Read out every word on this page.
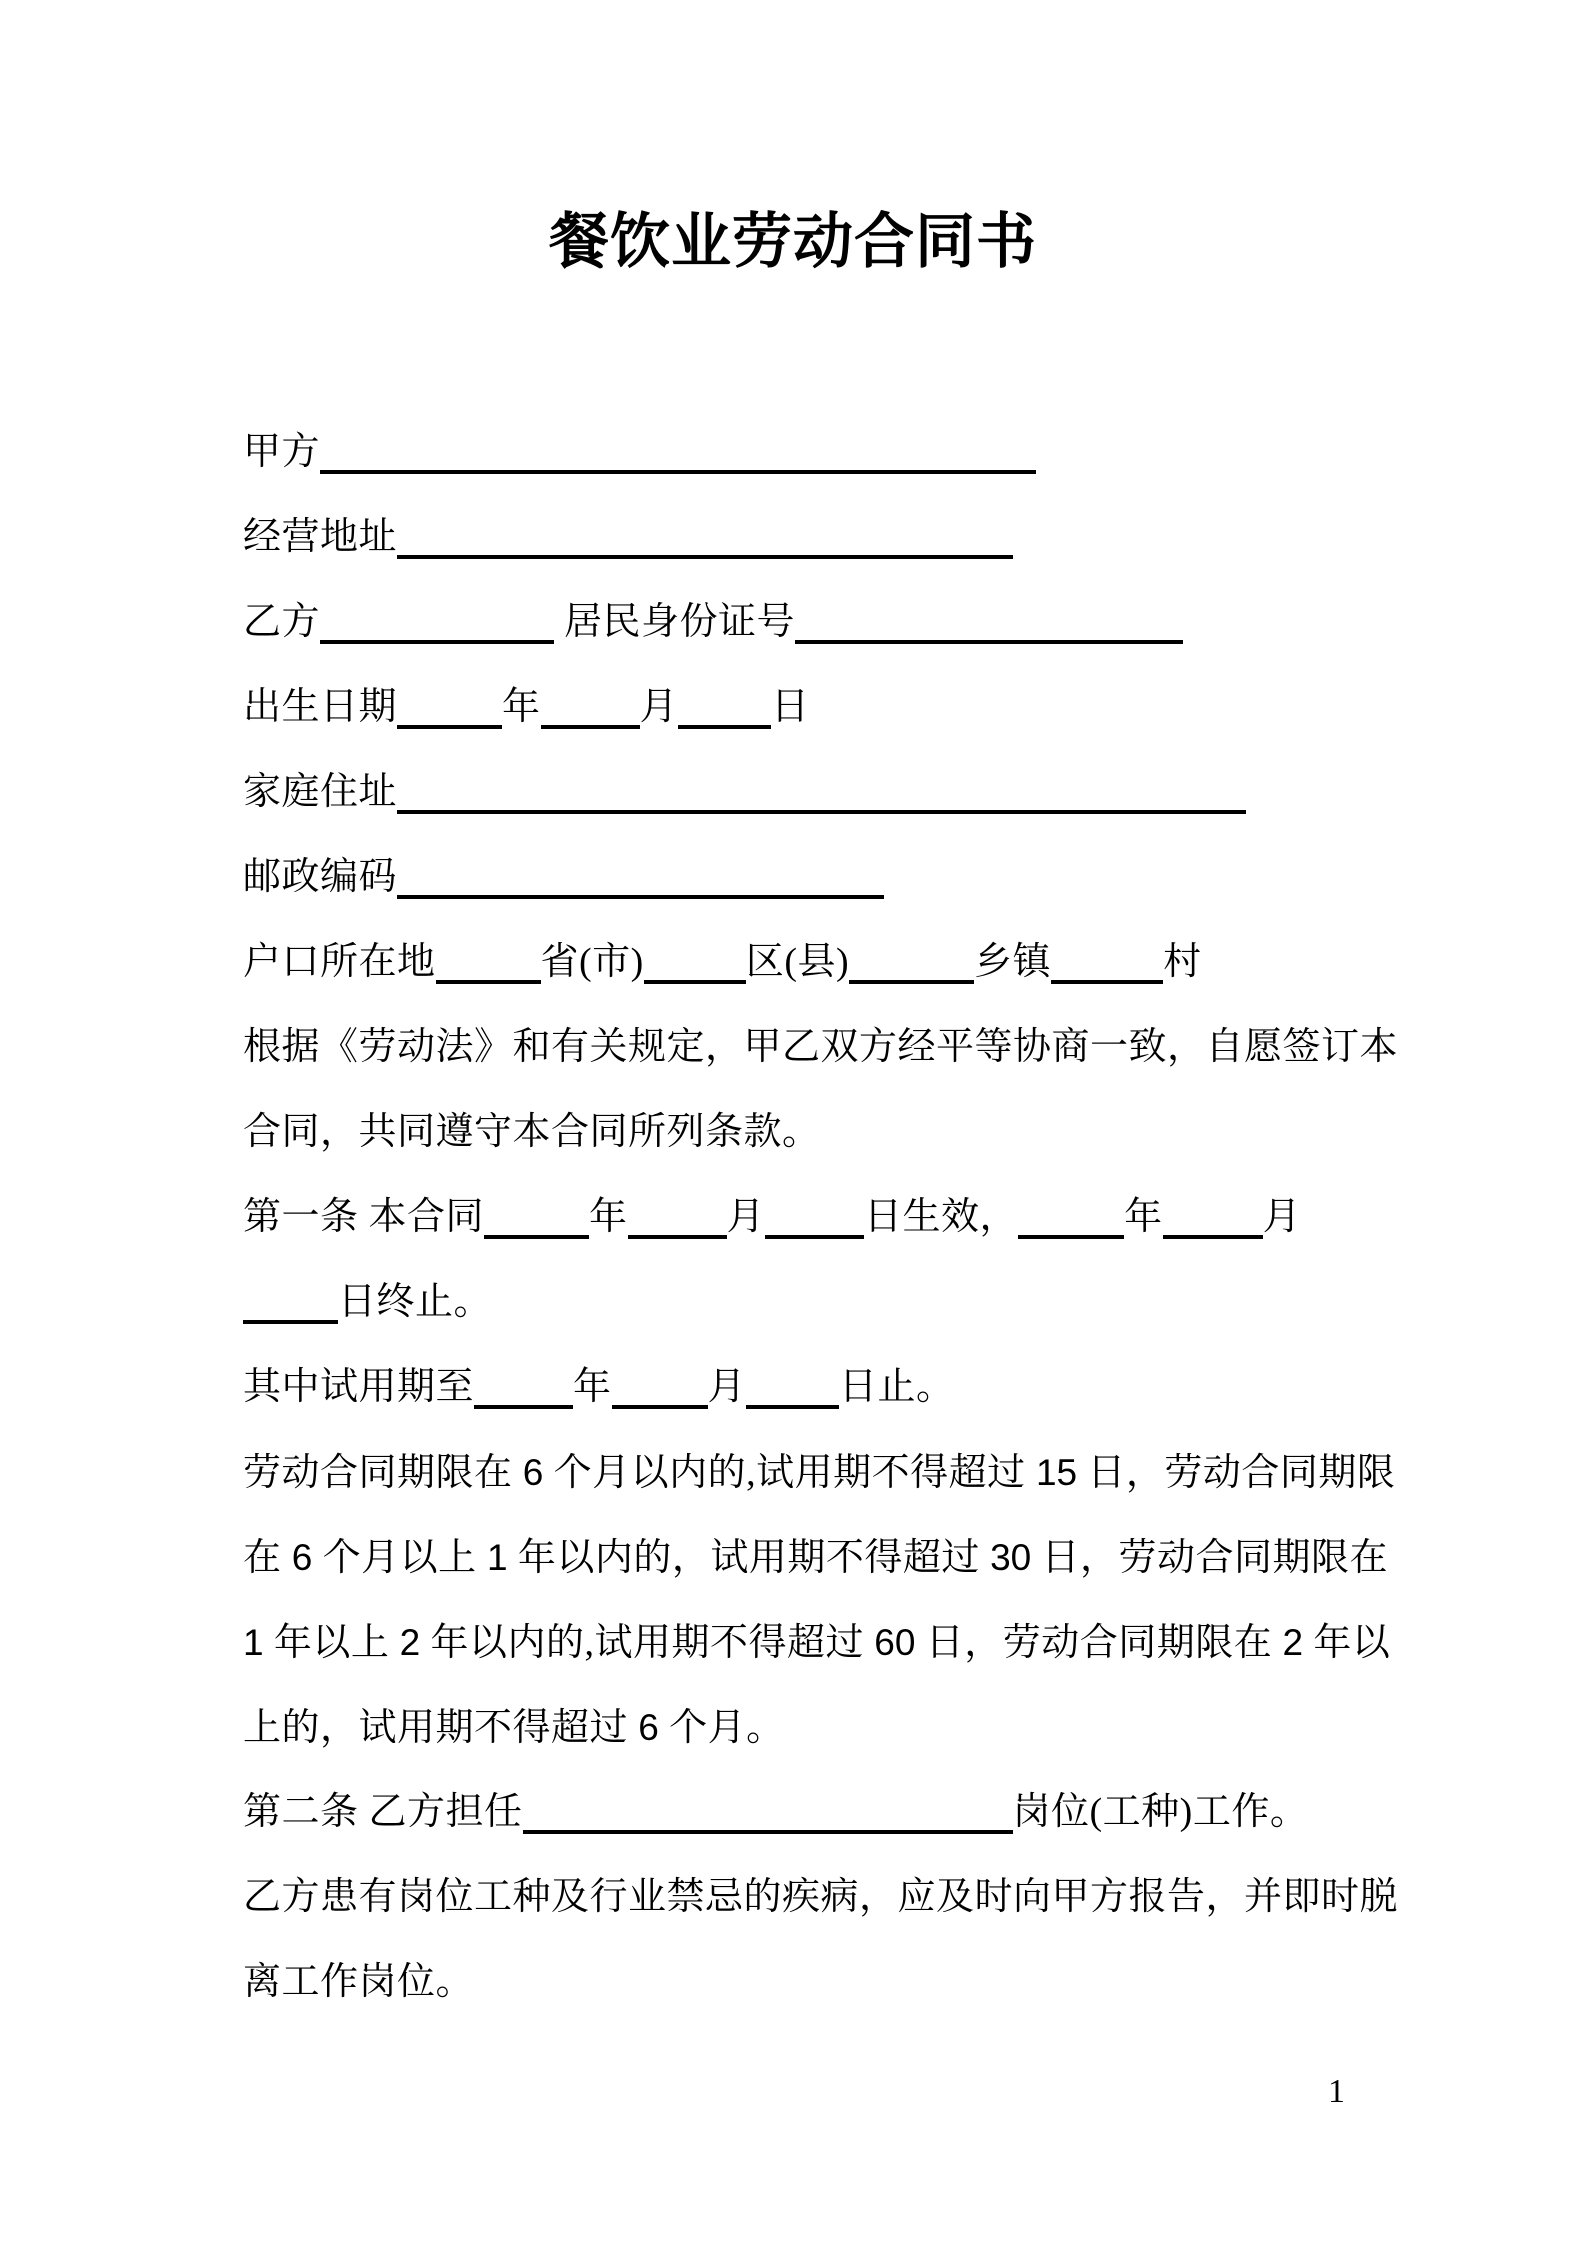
餐饮业劳动合同书
甲方
经营地址
乙方	居民身份证号
出生日期	年	月 日
家庭住址
邮政编码
户口所在地	省(市)	区(县)	乡镇	村
根据《劳动法》和有关规定，甲乙双方经平等协商一致，自愿签订本
合同，共同遵守本合同所列条款。
第一条 本合同	年	月	日生效，	年	月
日终止。
其中试用期至	年	月 日止。
劳动合同期限在 6 个月以内的,试用期不得超过 15 日，劳动合同期限
在 6 个月以上 1 年以内的，试用期不得超过 30 日，劳动合同期限在
1 年以上 2 年以内的,试用期不得超过 60 日，劳动合同期限在 2 年以
上的，试用期不得超过 6 个月。
第二条 乙方担任	岗位(工种)工作。
乙方患有岗位工种及行业禁忌的疾病，应及时向甲方报告，并即时脱
离工作岗位。
1
